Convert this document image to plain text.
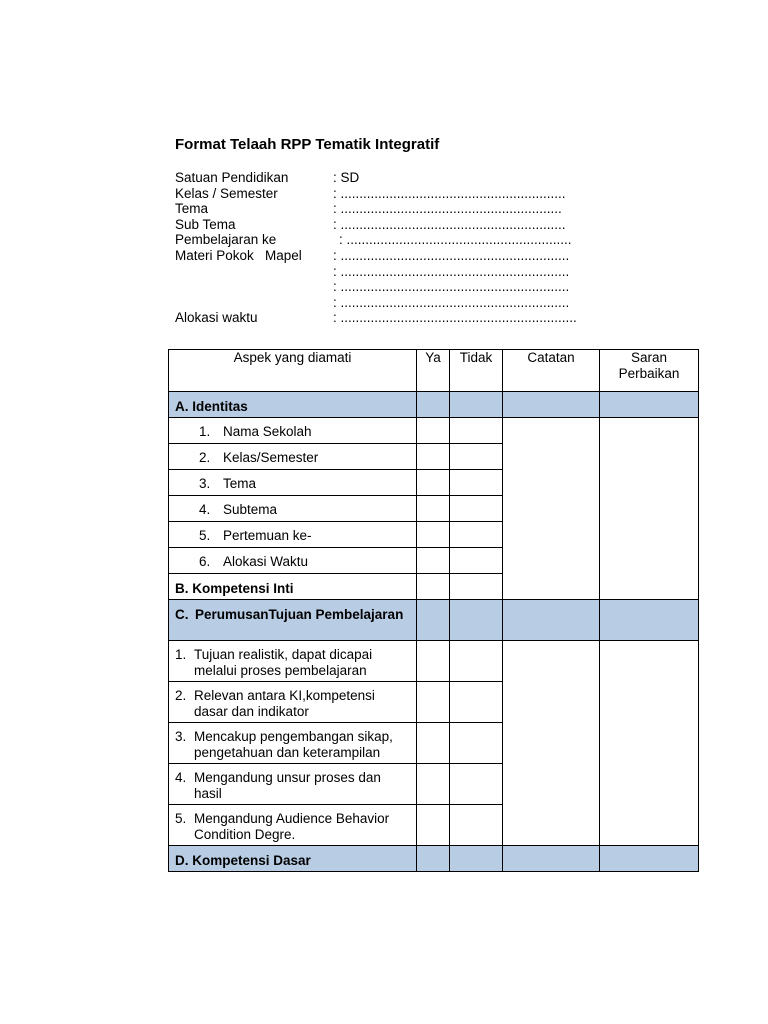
Format Telaah RPP Tematik Integratif
Satuan Pendidikan	: SD
Kelas / Semester	: ............................................................
Tema	: ...........................................................
Sub Tema	: ............................................................
Pembelajaran ke	: ............................................................
Materi Pokok   Mapel : .............................................................
: .............................................................
: .............................................................
: .............................................................
Alokasi waktu	: ...............................................................
Aspek yang diamati	Ya	Tidak	Catatan	Saran Perbaikan

A. Identitas				

1. Nama Sekolah				

2. Kelas/Semester				

3. Tema				

4. Subtema				

5. Pertemuan ke-				

6. Alokasi Waktu				

B. Kompetensi Inti				

C. PerumusanTujuan Pembelajaran				

1. Tujuan realistik, dapat dicapai melalui proses pembelajaran				

2. Relevan antara KI,kompetensi dasar dan indikator				

3. Mencakup pengembangan sikap, pengetahuan dan keterampilan				

4. Mengandung unsur proses dan hasil				

5. Mengandung Audience Behavior Condition Degre.				

D. Kompetensi Dasar				
